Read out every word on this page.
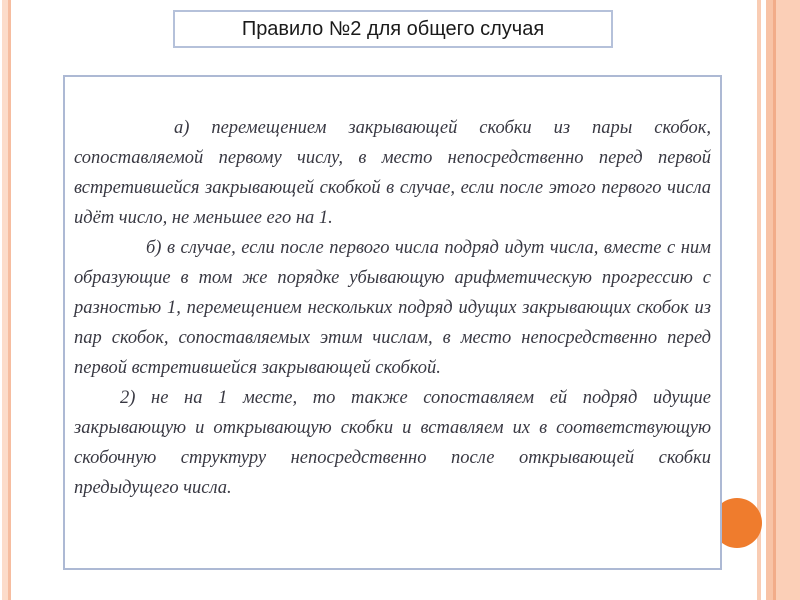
Правило №2 для общего случая

а) перемещением закрывающей скобки из пары скобок, сопоставляемой первому числу, в место непосредственно перед первой встретившейся закрывающей скобкой в случае, если после этого первого числа идёт число, не меньшее его на 1.

б) в случае, если после первого числа подряд идут числа, вместе с ним образующие в том же порядке убывающую арифметическую прогрессию с разностью 1, перемещением нескольких подряд идущих закрывающих скобок из пар скобок, сопоставляемых этим числам, в место непосредственно перед первой встретившейся закрывающей скобкой.

2) не на 1 месте, то также сопоставляем ей подряд идущие закрывающую и открывающую скобки и вставляем их в соответствующую скобочную структуру непосредственно после открывающей скобки предыдущего числа.
